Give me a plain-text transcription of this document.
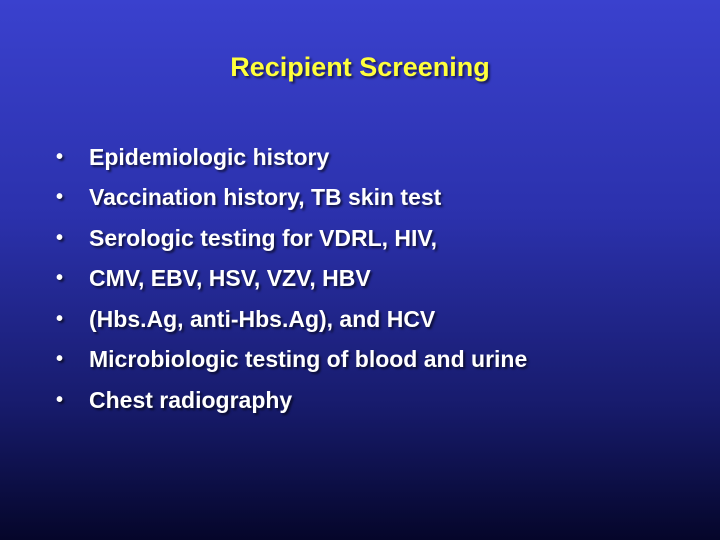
Recipient Screening
•	Epidemiologic history
•	Vaccination history, TB skin test
•	Serologic testing for VDRL, HIV,
•	CMV, EBV, HSV, VZV, HBV
•	(Hbs.Ag, anti-Hbs.Ag), and HCV
•	Microbiologic testing of blood and urine
•	Chest radiography
